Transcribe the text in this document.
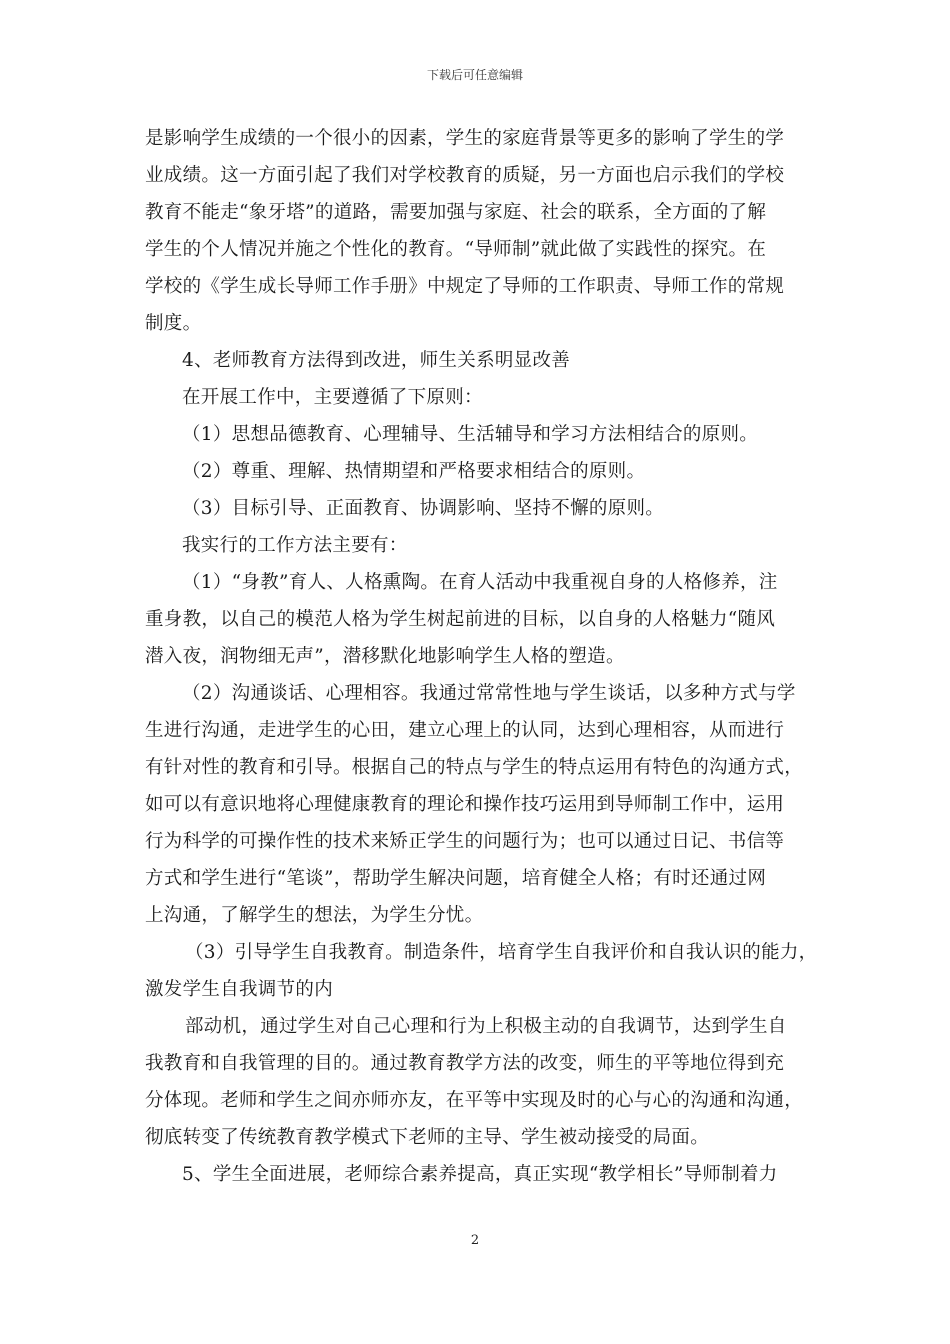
下载后可任意编辑
是影响学生成绩的一个很小的因素，学生的家庭背景等更多的影响了学生的学
业成绩。这一方面引起了我们对学校教育的质疑，另一方面也启示我们的学校
教育不能走“象牙塔”的道路，需要加强与家庭、社会的联系，全方面的了解
学生的个人情况并施之个性化的教育。“导师制”就此做了实践性的探究。在
学校的《学生成长导师工作手册》中规定了导师的工作职责、导师工作的常规
制度。
4、老师教育方法得到改进，师生关系明显改善
在开展工作中，主要遵循了下原则：
（1）思想品德教育、心理辅导、生活辅导和学习方法相结合的原则。
（2）尊重、理解、热情期望和严格要求相结合的原则。
（3）目标引导、正面教育、协调影响、坚持不懈的原则。
我实行的工作方法主要有：
（1）“身教”育人、人格熏陶。在育人活动中我重视自身的人格修养，注
重身教，以自己的模范人格为学生树起前进的目标，以自身的人格魅力“随风
潜入夜，润物细无声”，潜移默化地影响学生人格的塑造。
（2）沟通谈话、心理相容。我通过常常性地与学生谈话，以多种方式与学
生进行沟通，走进学生的心田，建立心理上的认同，达到心理相容，从而进行
有针对性的教育和引导。根据自己的特点与学生的特点运用有特色的沟通方式，
如可以有意识地将心理健康教育的理论和操作技巧运用到导师制工作中，运用
行为科学的可操作性的技术来矫正学生的问题行为；也可以通过日记、书信等
方式和学生进行“笔谈”，帮助学生解决问题，培育健全人格；有时还通过网
上沟通，了解学生的想法，为学生分忧。
（3）引导学生自我教育。制造条件，培育学生自我评价和自我认识的能力，
激发学生自我调节的内
部动机，通过学生对自己心理和行为上积极主动的自我调节，达到学生自
我教育和自我管理的目的。通过教育教学方法的改变，师生的平等地位得到充
分体现。老师和学生之间亦师亦友，在平等中实现及时的心与心的沟通和沟通，
彻底转变了传统教育教学模式下老师的主导、学生被动接受的局面。
5、学生全面进展，老师综合素养提高，真正实现“教学相长”导师制着力
2
